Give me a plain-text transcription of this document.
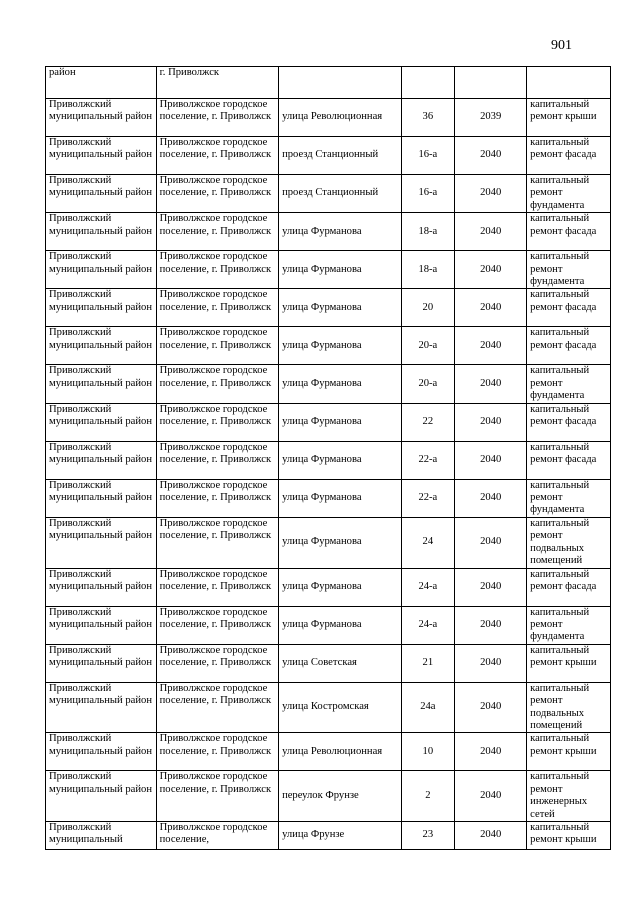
901
район	г. Приволжск				
Приволжский муниципальный район	Приволжское городское поселение, г. Приволжск	улица Революционная	36	2039	капитальный ремонт крыши
Приволжский муниципальный район	Приволжское городское поселение, г. Приволжск	проезд Станционный	16-а	2040	капитальный ремонт фасада
Приволжский муниципальный район	Приволжское городское поселение, г. Приволжск	проезд Станционный	16-а	2040	капитальный ремонт фундамента
Приволжский муниципальный район	Приволжское городское поселение, г. Приволжск	улица Фурманова	18-а	2040	капитальный ремонт фасада
Приволжский муниципальный район	Приволжское городское поселение, г. Приволжск	улица Фурманова	18-а	2040	капитальный ремонт фундамента
Приволжский муниципальный район	Приволжское городское поселение, г. Приволжск	улица Фурманова	20	2040	капитальный ремонт фасада
Приволжский муниципальный район	Приволжское городское поселение, г. Приволжск	улица Фурманова	20-а	2040	капитальный ремонт фасада
Приволжский муниципальный район	Приволжское городское поселение, г. Приволжск	улица Фурманова	20-а	2040	капитальный ремонт фундамента
Приволжский муниципальный район	Приволжское городское поселение, г. Приволжск	улица Фурманова	22	2040	капитальный ремонт фасада
Приволжский муниципальный район	Приволжское городское поселение, г. Приволжск	улица Фурманова	22-а	2040	капитальный ремонт фасада
Приволжский муниципальный район	Приволжское городское поселение, г. Приволжск	улица Фурманова	22-а	2040	капитальный ремонт фундамента
Приволжский муниципальный район	Приволжское городское поселение, г. Приволжск	улица Фурманова	24	2040	капитальный ремонт подвальных помещений
Приволжский муниципальный район	Приволжское городское поселение, г. Приволжск	улица Фурманова	24-а	2040	капитальный ремонт фасада
Приволжский муниципальный район	Приволжское городское поселение, г. Приволжск	улица Фурманова	24-а	2040	капитальный ремонт фундамента
Приволжский муниципальный район	Приволжское городское поселение, г. Приволжск	улица Советская	21	2040	капитальный ремонт крыши
Приволжский муниципальный район	Приволжское городское поселение, г. Приволжск	улица Костромская	24а	2040	капитальный ремонт подвальных помещений
Приволжский муниципальный район	Приволжское городское поселение, г. Приволжск	улица Революционная	10	2040	капитальный ремонт крыши
Приволжский муниципальный район	Приволжское городское поселение, г. Приволжск	переулок Фрунзе	2	2040	капитальный ремонт инженерных сетей
Приволжский муниципальный	Приволжское городское поселение,	улица Фрунзе	23	2040	капитальный ремонт крыши
